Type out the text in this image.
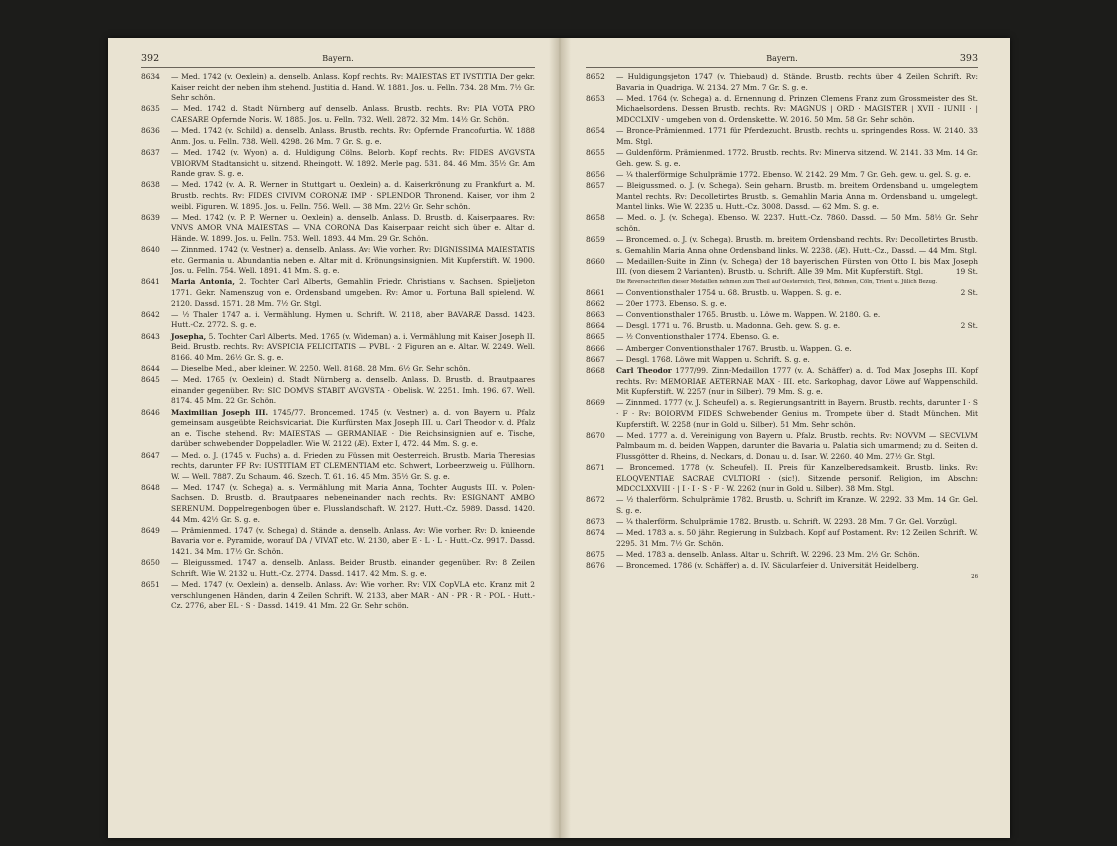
392	Bayern.
8634	— Med. 1742 (v. Oexlein) a. denselb. Anlass. Kopf rechts. Rv: MAIESTAS ET IVSTITIA Der gekr. Kaiser reicht der neben ihm stehend. Justitia d. Hand. W. 1881. Jos. u. Felln. 734. 28 Mm. 7½ Gr. Sehr schön.
8635	— Med. 1742 d. Stadt Nürnberg auf denselb. Anlass. Brustb. rechts. Rv: PIA VOTA PRO CAESARE Opfernde Noris. W. 1885. Jos. u. Felln. 732. Well. 2872. 32 Mm. 14½ Gr. Schön.
8636	— Med. 1742 (v. Schild) a. denselb. Anlass. Brustb. rechts. Rv: Opfernde Francofurtia. W. 1888 Anm. Jos. u. Felln. 738. Well. 4298. 26 Mm. 7 Gr. S. g. e.
8637	— Med. 1742 (v. Wyon) a. d. Huldigung Cölns. Belorb. Kopf rechts. Rv: FIDES AVGVSTA VBIORVM Stadtansicht u. sitzend. Rheingott. W. 1892. Merle pag. 531. 84. 46 Mm. 35½ Gr. Am Rande grav. S. g. e.
8638	— Med. 1742 (v. A. R. Werner in Stuttgart u. Oexlein) a. d. Kaiserkrönung zu Frankfurt a. M. Brustb. rechts. Rv: FIDES CIVIVM CORONÆ IMP · SPLENDOR Thronend. Kaiser, vor ihm 2 weibl. Figuren. W. 1895. Jos. u. Felln. 756. Well. — 38 Mm. 22½ Gr. Sehr schön.
8639	— Med. 1742 (v. P. P. Werner u. Oexlein) a. denselb. Anlass. D. Brustb. d. Kaiserpaares. Rv: VNVS AMOR VNA MAIESTAS — VNA CORONA Das Kaiserpaar reicht sich über e. Altar d. Hände. W. 1899. Jos. u. Felln. 753. Well. 1893. 44 Mm. 29 Gr. Schön.
8640	— Zinnmed. 1742 (v. Vestner) a. denselb. Anlass. Av: Wie vorher. Rv: DIGNISSIMA MAIESTATIS etc. Germania u. Abundantia neben e. Altar mit d. Krönungsinsignien. Mit Kupferstift. W. 1900. Jos. u. Felln. 754. Well. 1891. 41 Mm. S. g. e.
8641	Maria Antonia, 2. Tochter Carl Alberts, Gemahlin Friedr. Christians v. Sachsen. Spieljeton 1771. Gekr. Namenszug von e. Ordensband umgeben. Rv: Amor u. Fortuna Ball spielend. W. 2120. Dassd. 1571. 28 Mm. 7½ Gr. Stgl.
8642	— ½ Thaler 1747 a. i. Vermählung. Hymen u. Schrift. W. 2118, aber BAVARÆ Dassd. 1423. Hutt.-Cz. 2772. S. g. e.
8643	Josepha, 5. Tochter Carl Alberts. Med. 1765 (v. Wideman) a. i. Vermählung mit Kaiser Joseph II. Beid. Brustb. rechts. Rv: AVSPICIA FELICITATIS — PVBL · 2 Figuren an e. Altar. W. 2249. Well. 8166. 40 Mm. 26½ Gr. S. g. e.
8644	— Dieselbe Med., aber kleiner. W. 2250. Well. 8168. 28 Mm. 6½ Gr. Sehr schön.
8645	— Med. 1765 (v. Oexlein) d. Stadt Nürnberg a. denselb. Anlass. D. Brustb. d. Brautpaares einander gegenüber. Rv: SIC DOMVS STABIT AVGVSTA · Obelisk. W. 2251. Imh. 196. 67. Well. 8174. 45 Mm. 22 Gr. Schön.
8646	Maximilian Joseph III. 1745/77. Broncemed. 1745 (v. Vestner) a. d. von Bayern u. Pfalz gemeinsam ausgeübte Reichsvicariat. Die Kurfürsten Max Joseph III. u. Carl Theodor v. d. Pfalz an e. Tische stehend. Rv: MAIESTAS — GERMANIAE · Die Reichsinsignien auf e. Tische, darüber schwebender Doppeladler. Wie W. 2122 (Æ). Exter I, 472. 44 Mm. S. g. e.
8647	— Med. o. J. (1745 v. Fuchs) a. d. Frieden zu Füssen mit Oesterreich. Brustb. Maria Theresias rechts, darunter FF Rv: IUSTITIAM ET CLEMENTIAM etc. Schwert, Lorbeerzweig u. Füllhorn. W. — Well. 7887. Zu Schaum. 46. Szech. T. 61. 16. 45 Mm. 35½ Gr. S. g. e.
8648	— Med. 1747 (v. Schega) a. s. Vermählung mit Maria Anna, Tochter Augusts III. v. Polen-Sachsen. D. Brustb. d. Brautpaares nebeneinander nach rechts. Rv: ESIGNANT AMBO SERENUM. Doppelregenbogen über e. Flusslandschaft. W. 2127. Hutt.-Cz. 5989. Dassd. 1420. 44 Mm. 42½ Gr. S. g. e.
8649	— Prämienmed. 1747 (v. Schega) d. Stände a. denselb. Anlass. Av: Wie vorher. Rv: D. knieende Bavaria vor e. Pyramide, worauf DA / VIVAT etc. W. 2130, aber E · L · L · Hutt.-Cz. 9917. Dassd. 1421. 34 Mm. 17½ Gr. Schön.
8650	— Bleigussmed. 1747 a. denselb. Anlass. Beider Brustb. einander gegenüber. Rv: 8 Zeilen Schrift. Wie W. 2132 u. Hutt.-Cz. 2774. Dassd. 1417. 42 Mm. S. g. e.
8651	— Med. 1747 (v. Oexlein) a. denselb. Anlass. Av: Wie vorher. Rv: VIX CopVLA etc. Kranz mit 2 verschlungenen Händen, darin 4 Zeilen Schrift. W. 2133, aber MAR · AN · PR · R · POL · Hutt.-Cz. 2776, aber EL · S · Dassd. 1419. 41 Mm. 22 Gr. Sehr schön.
Bayern.	393
8652	— Huldigungsjeton 1747 (v. Thiebaud) d. Stände. Brustb. rechts über 4 Zeilen Schrift. Rv: Bavaria in Quadriga. W. 2134. 27 Mm. 7 Gr. S. g. e.
8653	— Med. 1764 (v. Schega) a. d. Ernennung d. Prinzen Clemens Franz zum Grossmeister des St. Michaelsordens. Dessen Brustb. rechts. Rv: MAGNUS | ORD · MAGISTER | XVII · IUNII · | MDCCLXIV · umgeben von d. Ordenskette. W. 2016. 50 Mm. 58 Gr. Sehr schön.
8654	— Bronce-Prämienmed. 1771 für Pferdezucht. Brustb. rechts u. springendes Ross. W. 2140. 33 Mm. Stgl.
8655	— Guldenförm. Prämienmed. 1772. Brustb. rechts. Rv: Minerva sitzend. W. 2141. 33 Mm. 14 Gr. Geh. gew. S. g. e.
8656	— ¼ thalerförmige Schulprämie 1772. Ebenso. W. 2142. 29 Mm. 7 Gr. Geh. gew. u. gel. S. g. e.
8657	— Bleigussmed. o. J. (v. Schega). Sein geharn. Brustb. m. breitem Ordensband u. umgelegtem Mantel rechts. Rv: Decolletirtes Brustb. s. Gemahlin Maria Anna m. Ordensband u. umgelegt. Mantel links. Wie W. 2235 u. Hutt.-Cz. 3008. Dassd. — 62 Mm. S. g. e.
8658	— Med. o. J. (v. Schega). Ebenso. W. 2237. Hutt.-Cz. 7860. Dassd. — 50 Mm. 58½ Gr. Sehr schön.
8659	— Broncemed. o. J. (v. Schega). Brustb. m. breitem Ordensband rechts. Rv: Decolletirtes Brustb. s. Gemahlin Maria Anna ohne Ordensband links. W. 2238. (Æ). Hutt.-Cz., Dassd. — 44 Mm. Stgl.
8660	— Medaillen-Suite in Zinn (v. Schega) der 18 bayerischen Fürsten von Otto I. bis Max Joseph III. (von diesem 2 Varianten). Brustb. u. Schrift. Alle 39 Mm. Mit Kupferstift. Stgl.	19 St.
Die Reversschriften dieser Medaillen nehmen zum Theil auf Oesterreich, Tirol, Böhmen, Cöln, Trient u. Jülich Bezug.
8661	— Conventionsthaler 1754 u. 68. Brustb. u. Wappen. S. g. e.	2 St.
8662	— 20er 1773. Ebenso. S. g. e.
8663	— Conventionsthaler 1765. Brustb. u. Löwe m. Wappen. W. 2180. G. e.
8664	— Desgl. 1771 u. 76. Brustb. u. Madonna. Geh. gew. S. g. e.	2 St.
8665	— ½ Conventionsthaler 1774. Ebenso. G. e.
8666	— Amberger Conventionsthaler 1767. Brustb. u. Wappen. G. e.
8667	— Desgl. 1768. Löwe mit Wappen u. Schrift. S. g. e.
8668	Carl Theodor 1777/99. Zinn-Medaillon 1777 (v. A. Schäffer) a. d. Tod Max Josephs III. Kopf rechts. Rv: MEMORIAE AETERNAE MAX · III. etc. Sarkophag, davor Löwe auf Wappenschild. Mit Kupferstift. W. 2257 (nur in Silber). 79 Mm. S. g. e.
8669	— Zinnmed. 1777 (v. J. Scheufel) a. s. Regierungsantritt in Bayern. Brustb. rechts, darunter I · S · F · Rv: BOIORVM FIDES Schwebender Genius m. Trompete über d. Stadt München. Mit Kupferstift. W. 2258 (nur in Gold u. Silber). 51 Mm. Sehr schön.
8670	— Med. 1777 a. d. Vereinigung von Bayern u. Pfalz. Brustb. rechts. Rv: NOVVM — SECVLVM Palmbaum m. d. beiden Wappen, darunter die Bavaria u. Palatia sich umarmend; zu d. Seiten d. Flussgötter d. Rheins, d. Neckars, d. Donau u. d. Isar. W. 2260. 40 Mm. 27½ Gr. Stgl.
8671	— Broncemed. 1778 (v. Scheufel). II. Preis für Kanzelberedsamkeit. Brustb. links. Rv: ELOQVENTIAE SACRAE CVLTIORI · (sic!). Sitzende personif. Religion, im Abschn: MDCCLXXVIII · | I · I · S · F · W. 2262 (nur in Gold u. Silber). 38 Mm. Stgl.
8672	— ½ thalerförm. Schulprämie 1782. Brustb. u. Schrift im Kranze. W. 2292. 33 Mm. 14 Gr. Gel. S. g. e.
8673	— ¼ thalerförm. Schulprämie 1782. Brustb. u. Schrift. W. 2293. 28 Mm. 7 Gr. Gel. Vorzügl.
8674	— Med. 1783 a. s. 50 jähr. Regierung in Sulzbach. Kopf auf Postament. Rv: 12 Zeilen Schrift. W. 2295. 31 Mm. 7½ Gr. Schön.
8675	— Med. 1783 a. denselb. Anlass. Altar u. Schrift. W. 2296. 23 Mm. 2½ Gr. Schön.
8676	— Broncemed. 1786 (v. Schäffer) a. d. IV. Säcularfeier d. Universität Heidelberg.
26
